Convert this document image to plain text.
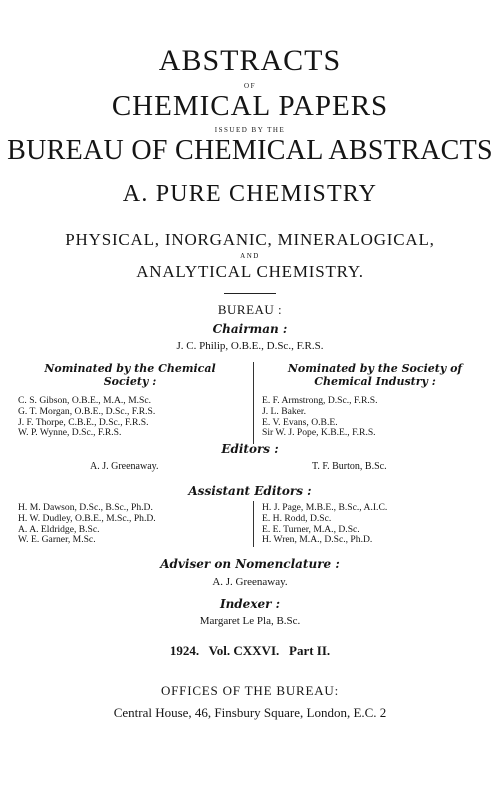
ABSTRACTS
OF
CHEMICAL PAPERS
ISSUED BY THE
BUREAU OF CHEMICAL ABSTRACTS
A. PURE CHEMISTRY
PHYSICAL, INORGANIC, MINERALOGICAL,
AND
ANALYTICAL CHEMISTRY.
BUREAU :
Chairman :
J. C. Philip, O.B.E., D.Sc., F.R.S.
Nominated by the Chemical
Society :
Nominated by the Society of
Chemical Industry :
C. S. Gibson, O.B.E., M.A., M.Sc.
G. T. Morgan, O.B.E., D.Sc., F.R.S.
J. F. Thorpe, C.B.E., D.Sc., F.R.S.
W. P. Wynne, D.Sc., F.R.S.
E. F. Armstrong, D.Sc., F.R.S.
J. L. Baker.
E. V. Evans, O.B.E.
Sir W. J. Pope, K.B.E., F.R.S.
Editors :
A. J. Greenaway.	T. F. Burton, B.Sc.
Assistant Editors :
H. M. Dawson, D.Sc., B.Sc., Ph.D.
H. W. Dudley, O.B.E., M.Sc., Ph.D.
A. A. Eldridge, B.Sc.
W. E. Garner, M.Sc.
H. J. Page, M.B.E., B.Sc., A.I.C.
E. H. Rodd, D.Sc.
E. E. Turner, M.A., D.Sc.
H. Wren, M.A., D.Sc., Ph.D.
Adviser on Nomenclature :
A. J. Greenaway.
Indexer :
Margaret Le Pla, B.Sc.
1924. Vol. CXXVI. Part II.
OFFICES OF THE BUREAU:
Central House, 46, Finsbury Square, London, E.C. 2
